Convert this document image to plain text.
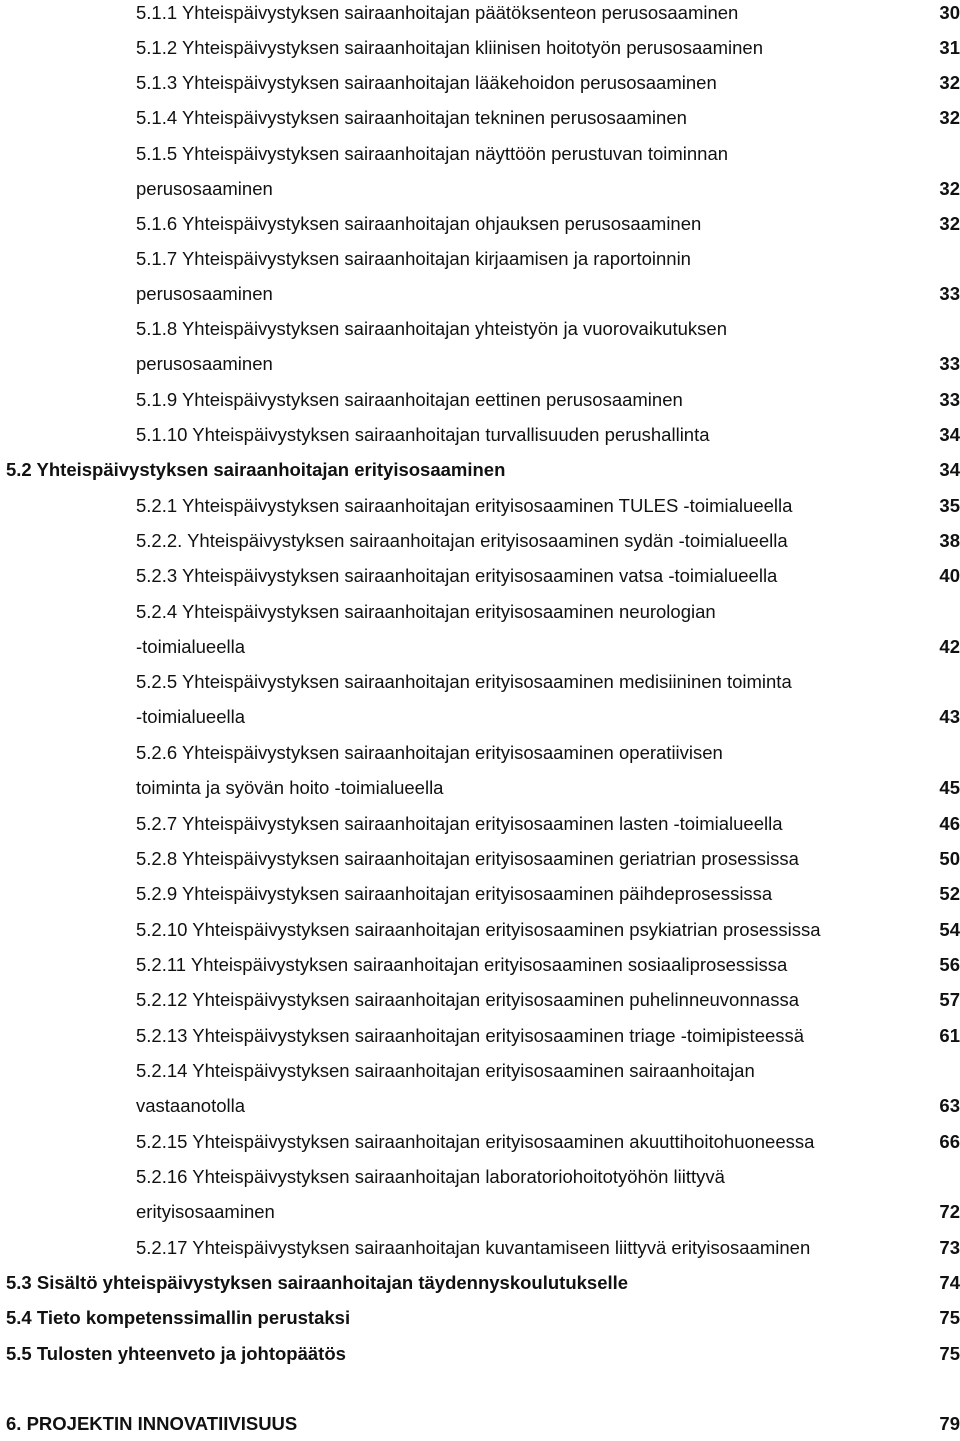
5.1.1 Yhteispäivystyksen sairaanhoitajan päätöksenteon perusosaaminen	30
5.1.2 Yhteispäivystyksen sairaanhoitajan kliinisen hoitotyön perusosaaminen	31
5.1.3 Yhteispäivystyksen sairaanhoitajan lääkehoidon perusosaaminen	32
5.1.4 Yhteispäivystyksen sairaanhoitajan tekninen perusosaaminen	32
5.1.5 Yhteispäivystyksen sairaanhoitajan näyttöön perustuvan toiminnan
perusosaaminen	32
5.1.6 Yhteispäivystyksen sairaanhoitajan ohjauksen perusosaaminen	32
5.1.7 Yhteispäivystyksen sairaanhoitajan kirjaamisen ja raportoinnin
perusosaaminen	33
5.1.8 Yhteispäivystyksen sairaanhoitajan yhteistyön ja vuorovaikutuksen
perusosaaminen	33
5.1.9 Yhteispäivystyksen sairaanhoitajan eettinen perusosaaminen	33
5.1.10 Yhteispäivystyksen sairaanhoitajan turvallisuuden perushallinta	34
5.2 Yhteispäivystyksen sairaanhoitajan erityisosaaminen	34
5.2.1 Yhteispäivystyksen sairaanhoitajan erityisosaaminen TULES -toimialueella	35
5.2.2. Yhteispäivystyksen sairaanhoitajan erityisosaaminen sydän -toimialueella	38
5.2.3 Yhteispäivystyksen sairaanhoitajan erityisosaaminen vatsa -toimialueella	40
5.2.4 Yhteispäivystyksen sairaanhoitajan erityisosaaminen neurologian
-toimialueella	42
5.2.5 Yhteispäivystyksen sairaanhoitajan erityisosaaminen medisiininen toiminta
-toimialueella	43
5.2.6 Yhteispäivystyksen sairaanhoitajan erityisosaaminen operatiivisen
toiminta ja syövän hoito -toimialueella	45
5.2.7 Yhteispäivystyksen sairaanhoitajan erityisosaaminen lasten -toimialueella	46
5.2.8 Yhteispäivystyksen sairaanhoitajan erityisosaaminen geriatrian prosessissa	50
5.2.9 Yhteispäivystyksen sairaanhoitajan erityisosaaminen päihdeprosessissa	52
5.2.10 Yhteispäivystyksen sairaanhoitajan erityisosaaminen psykiatrian prosessissa	54
5.2.11 Yhteispäivystyksen sairaanhoitajan erityisosaaminen sosiaaliprosessissa	56
5.2.12 Yhteispäivystyksen sairaanhoitajan erityisosaaminen puhelinneuvonnassa	57
5.2.13 Yhteispäivystyksen sairaanhoitajan erityisosaaminen triage -toimipisteessä	61
5.2.14 Yhteispäivystyksen sairaanhoitajan erityisosaaminen sairaanhoitajan
vastaanotolla	63
5.2.15 Yhteispäivystyksen sairaanhoitajan erityisosaaminen akuuttihoitohuoneessa	66
5.2.16 Yhteispäivystyksen sairaanhoitajan laboratoriohoitotyöhön liittyvä
erityisosaaminen	72
5.2.17 Yhteispäivystyksen sairaanhoitajan kuvantamiseen liittyvä erityisosaaminen	73
5.3 Sisältö yhteispäivystyksen sairaanhoitajan täydennyskoulutukselle	74
5.4 Tieto kompetenssimallin perustaksi	75
5.5 Tulosten yhteenveto ja johtopäätös	75
6. PROJEKTIN INNOVATIIVISUUS	79
